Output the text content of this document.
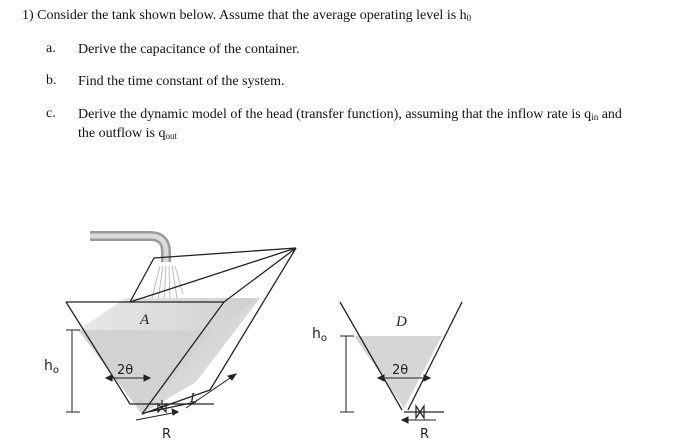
1) Consider the tank shown below. Assume that the average operating level is $h_0$
a. Derive the capacitance of the container.
b. Find the time constant of the system.
c. Derive the dynamic model of the head (transfer function), assuming that the inflow rate is $q_{in}$ and
the outflow is $q_{out}$
$h_o$	2θ
A
L
R
$h_o$
D
2θ
R
